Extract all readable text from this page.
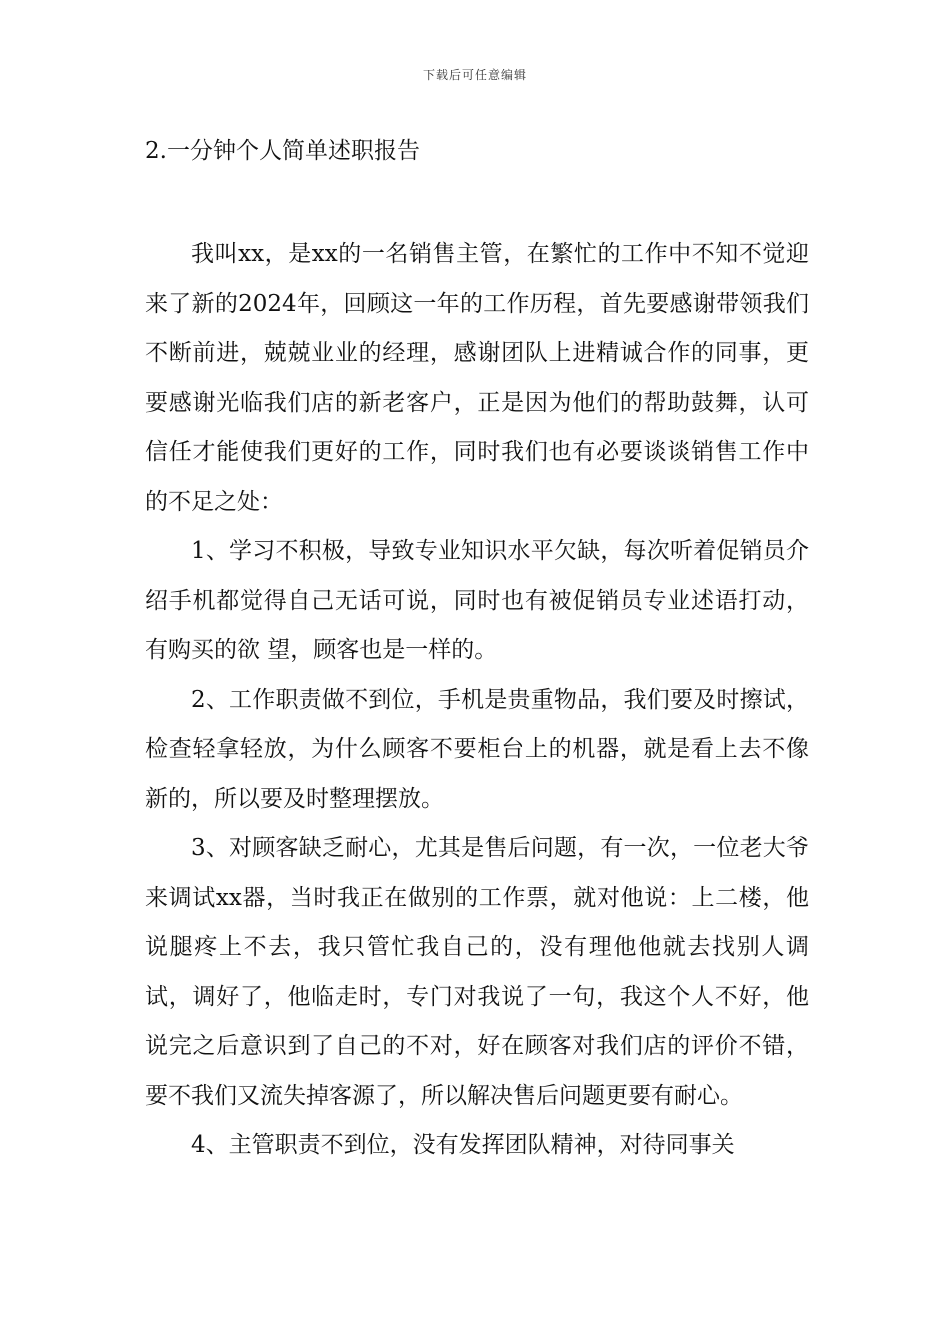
下载后可任意编辑
2.一分钟个人简单述职报告

我叫xx，是xx的一名销售主管，在繁忙的工作中不知不觉迎来了新的2024年，回顾这一年的工作历程，首先要感谢带领我们不断前进，兢兢业业的经理，感谢团队上进精诚合作的同事，更要感谢光临我们店的新老客户，正是因为他们的帮助鼓舞，认可信任才能使我们更好的工作，同时我们也有必要谈谈销售工作中的不足之处：

1、学习不积极，导致专业知识水平欠缺，每次听着促销员介绍手机都觉得自己无话可说，同时也有被促销员专业述语打动，有购买的欲 望，顾客也是一样的。

2、工作职责做不到位，手机是贵重物品，我们要及时擦试，检查轻拿轻放，为什么顾客不要柜台上的机器，就是看上去不像新的，所以要及时整理摆放。

3、对顾客缺乏耐心，尤其是售后问题，有一次，一位老大爷来调试xx器，当时我正在做别的工作票，就对他说：上二楼，他说腿疼上不去，我只管忙我自己的，没有理他他就去找别人调试，调好了，他临走时，专门对我说了一句，我这个人不好，他说完之后意识到了自己的不对，好在顾客对我们店的评价不错，要不我们又流失掉客源了，所以解决售后问题更要有耐心。

4、主管职责不到位，没有发挥团队精神，对待同事关
